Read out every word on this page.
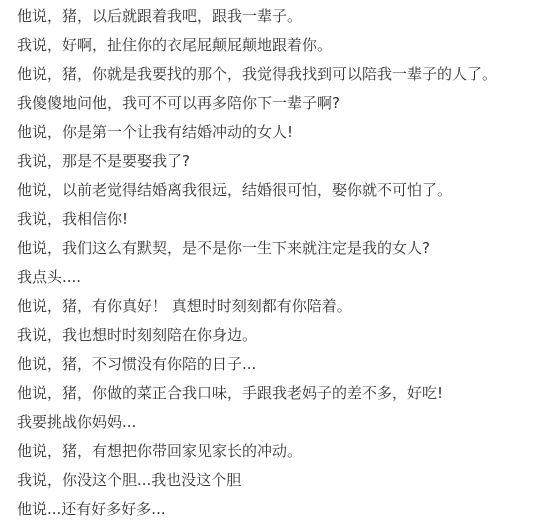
他说，猪，以后就跟着我吧，跟我一辈子。
我说，好啊，扯住你的衣尾屁颠屁颠地跟着你。
他说，猪，你就是我要找的那个，我觉得我找到可以陪我一辈子的人了。
我傻傻地问他，我可不可以再多陪你下一辈子啊?
他说，你是第一个让我有结婚冲动的女人!
我说，那是不是要娶我了?
他说，以前老觉得结婚离我很远，结婚很可怕，娶你就不可怕了。
我说，我相信你!
他说，我们这么有默契，是不是你一生下来就注定是我的女人?
我点头....
他说，猪，有你真好！ 真想时时刻刻都有你陪着。
我说，我也想时时刻刻陪在你身边。
他说，猪，不习惯没有你陪的日子...
他说，猪，你做的菜正合我口味，手跟我老妈子的差不多，好吃!
我要挑战你妈妈...
他说，猪，有想把你带回家见家长的冲动。
我说，你没这个胆...我也没这个胆
他说...还有好多好多...
